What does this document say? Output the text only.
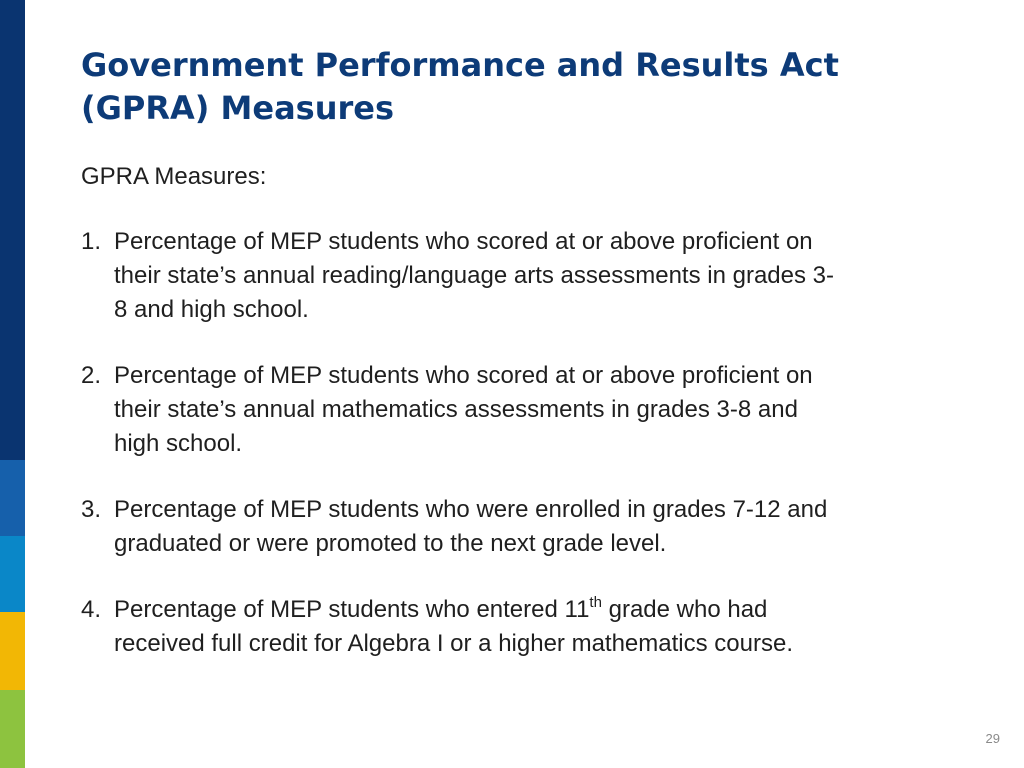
Government Performance and Results Act
(GPRA) Measures

GPRA Measures:

1. Percentage of MEP students who scored at or above proficient on
their state’s annual reading/language arts assessments in grades 3-
8 and high school.
2. Percentage of MEP students who scored at or above proficient on
their state’s annual mathematics assessments in grades 3-8 and
high school.
3. Percentage of MEP students who were enrolled in grades 7-12 and
graduated or were promoted to the next grade level.
4. Percentage of MEP students who entered 11th grade who had
received full credit for Algebra I or a higher mathematics course.
29
